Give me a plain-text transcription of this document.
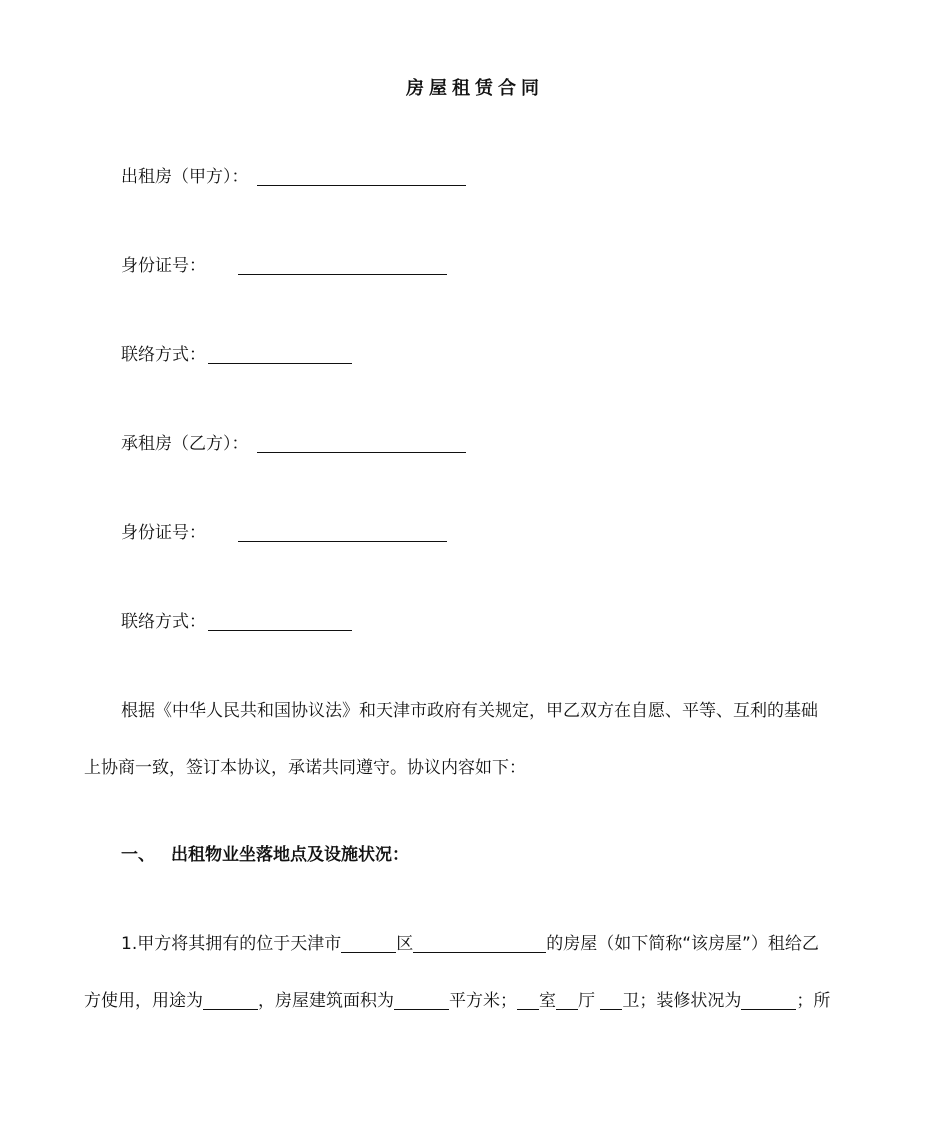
房屋租赁合同
出租房（甲方）：
身份证号：
联络方式：
承租房（乙方）：
身份证号：
联络方式：
根据《中华人民共和国协议法》和天津市政府有关规定，甲乙双方在自愿、平等、互利的基础
上协商一致，签订本协议，承诺共同遵守。协议内容如下：
一、 出租物业坐落地点及设施状况：
1.甲方将其拥有的位于天津市	区	的房屋（如下简称“该房屋”）租给乙
方使用，用途为	，房屋建筑面积为	平方米； 室 厅 卫；装修状况为	；所
